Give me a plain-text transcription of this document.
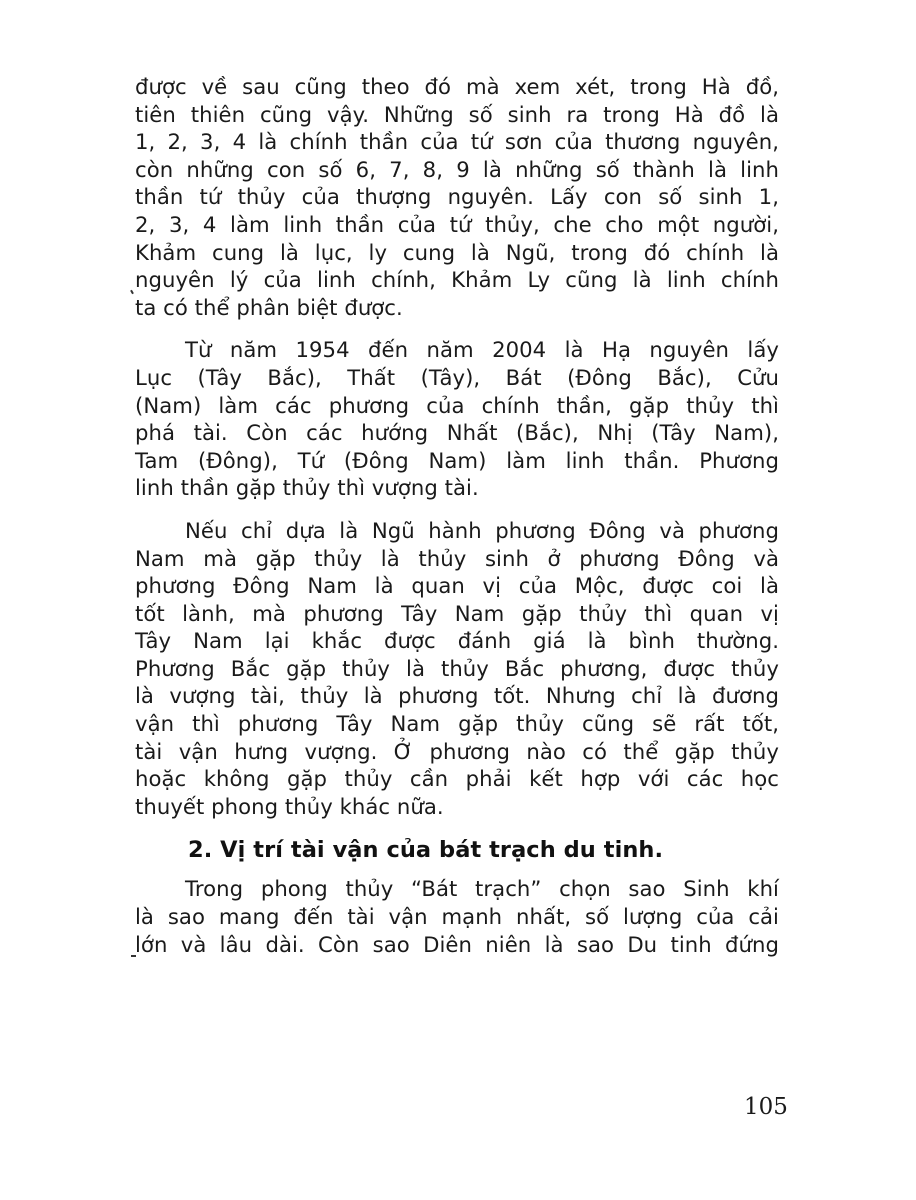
được về sau cũng theo đó mà xem xét, trong Hà đồ,
tiên thiên cũng vậy. Những số sinh ra trong Hà đồ là
1, 2, 3, 4 là chính thần của tứ sơn của thương nguyên,
còn những con số 6, 7, 8, 9 là những số thành là linh
thần tứ thủy của thượng nguyên. Lấy con số sinh 1,
2, 3, 4 làm linh thần của tứ thủy, che cho một người,
Khảm cung là lục, ly cung là Ngũ, trong đó chính là
nguyên lý của linh chính, Khảm Ly cũng là linh chính
ta có thể phân biệt được.
Từ năm 1954 đến năm 2004 là Hạ nguyên lấy
Lục (Tây Bắc), Thất (Tây), Bát (Đông Bắc), Cửu
(Nam) làm các phương của chính thần, gặp thủy thì
phá tài. Còn các hướng Nhất (Bắc), Nhị (Tây Nam),
Tam (Đông), Tứ (Đông Nam) làm linh thần. Phương
linh thần gặp thủy thì vượng tài.
Nếu chỉ dựa là Ngũ hành phương Đông và phương
Nam mà gặp thủy là thủy sinh ở phương Đông và
phương Đông Nam là quan vị của Mộc, được coi là
tốt lành, mà phương Tây Nam gặp thủy thì quan vị
Tây Nam lại khắc được đánh giá là bình thường.
Phương Bắc gặp thủy là thủy Bắc phương, được thủy
là vượng tài, thủy là phương tốt. Nhưng chỉ là đương
vận thì phương Tây Nam gặp thủy cũng sẽ rất tốt,
tài vận hưng vượng. Ở phương nào có thể gặp thủy
hoặc không gặp thủy cần phải kết hợp với các học
thuyết phong thủy khác nữa.
2. Vị trí tài vận của bát trạch du tinh.
Trong phong thủy “Bát trạch” chọn sao Sinh khí
là sao mang đến tài vận mạnh nhất, số lượng của cải
lớn và lâu dài. Còn sao Diên niên là sao Du tinh đứng
105
